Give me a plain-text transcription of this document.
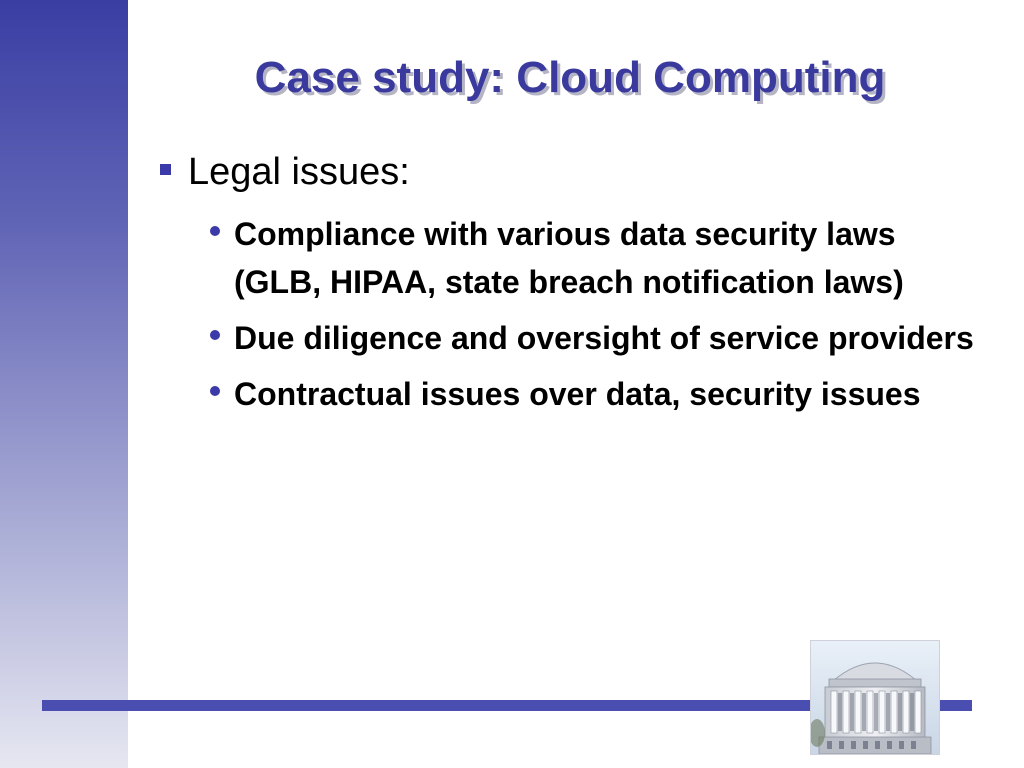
Case study: Cloud Computing
Legal issues:
Compliance with various data security laws (GLB, HIPAA, state breach notification laws)
Due diligence and oversight of service providers
Contractual issues over data, security issues
